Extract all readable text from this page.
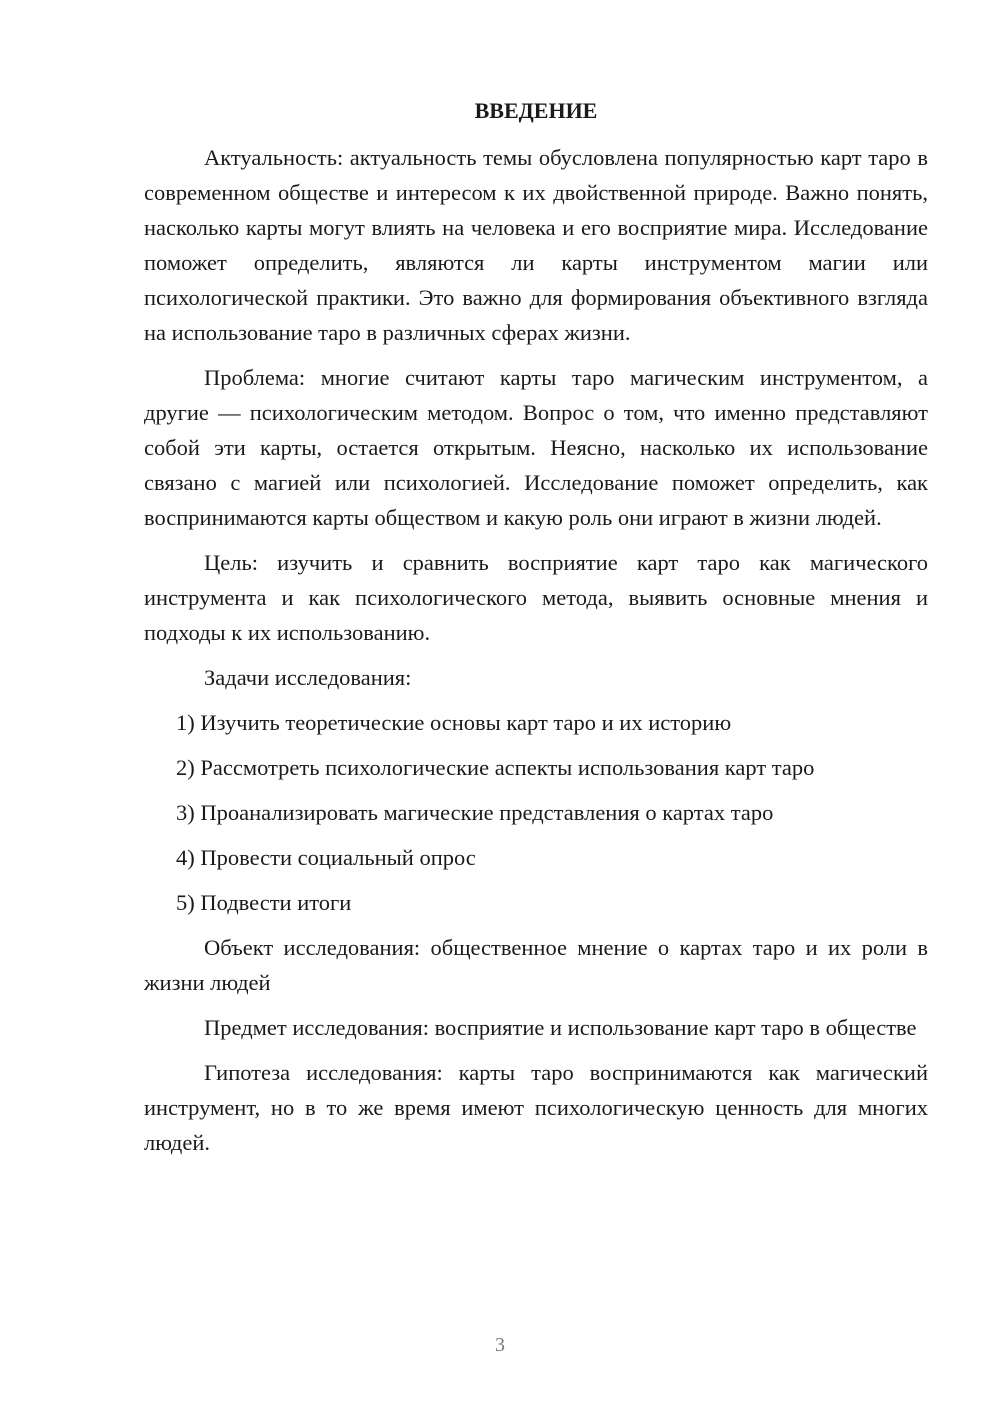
ВВЕДЕНИЕ

Актуальность: актуальность темы обусловлена популярностью карт таро в современном обществе и интересом к их двойственной природе. Важно понять, насколько карты могут влиять на человека и его восприятие мира. Исследование поможет определить, являются ли карты инструментом магии или психологической практики. Это важно для формирования объективного взгляда на использование таро в различных сферах жизни.

Проблема: многие считают карты таро магическим инструментом, а другие — психологическим методом. Вопрос о том, что именно представляют собой эти карты, остается открытым. Неясно, насколько их использование связано с магией или психологией. Исследование поможет определить, как воспринимаются карты обществом и какую роль они играют в жизни людей.

Цель: изучить и сравнить восприятие карт таро как магического инструмента и как психологического метода, выявить основные мнения и подходы к их использованию.

Задачи исследования:

1) Изучить теоретические основы карт таро и их историю
2) Рассмотреть психологические аспекты использования карт таро
3) Проанализировать магические представления о картах таро
4) Провести социальный опрос
5) Подвести итоги

Объект исследования: общественное мнение о картах таро и их роли в жизни людей

Предмет исследования: восприятие и использование карт таро в обществе

Гипотеза исследования: карты таро воспринимаются как магический инструмент, но в то же время имеют психологическую ценность для многих людей.

3
